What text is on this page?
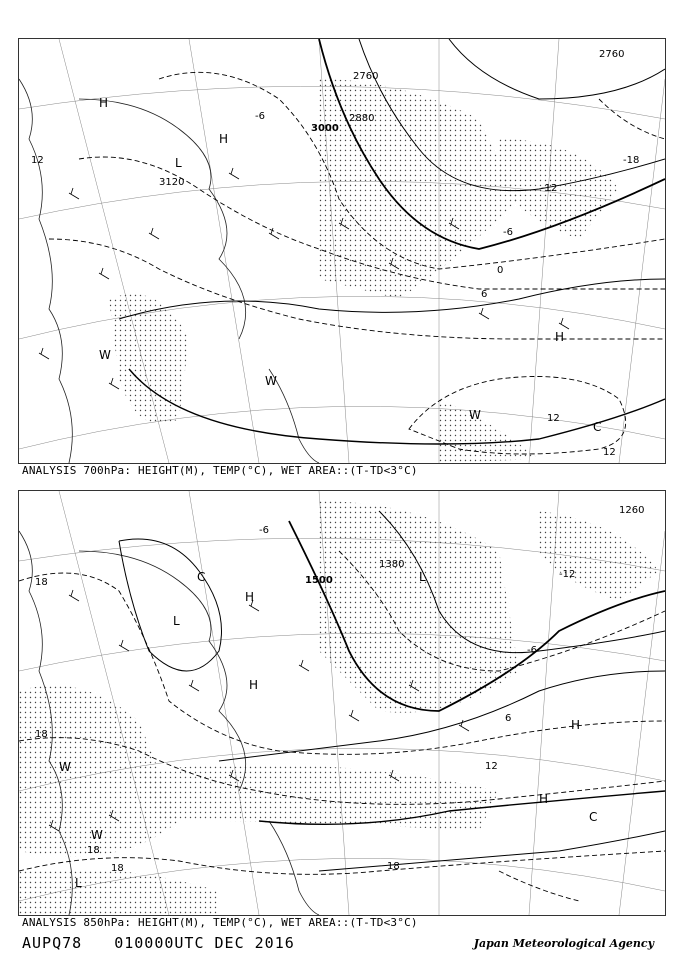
3000
2880
2760
2760
3120
-18
-12
-6
0
6
12
12
12
-6
H
H
L
H
W
W
W
C
ANALYSIS 700hPa: HEIGHT(M), TEMP(°C), WET AREA::(T-TD<3°C)
1500
1380
1260
18
18
18
18	18
12
6
-6
-12
-6
H
L
L
C
H
H
H
W
W
C
L
ANALYSIS 850hPa: HEIGHT(M), TEMP(°C), WET AREA::(T-TD<3°C)
AUPQ78 010000UTC DEC 2016	Japan Meteorological Agency
